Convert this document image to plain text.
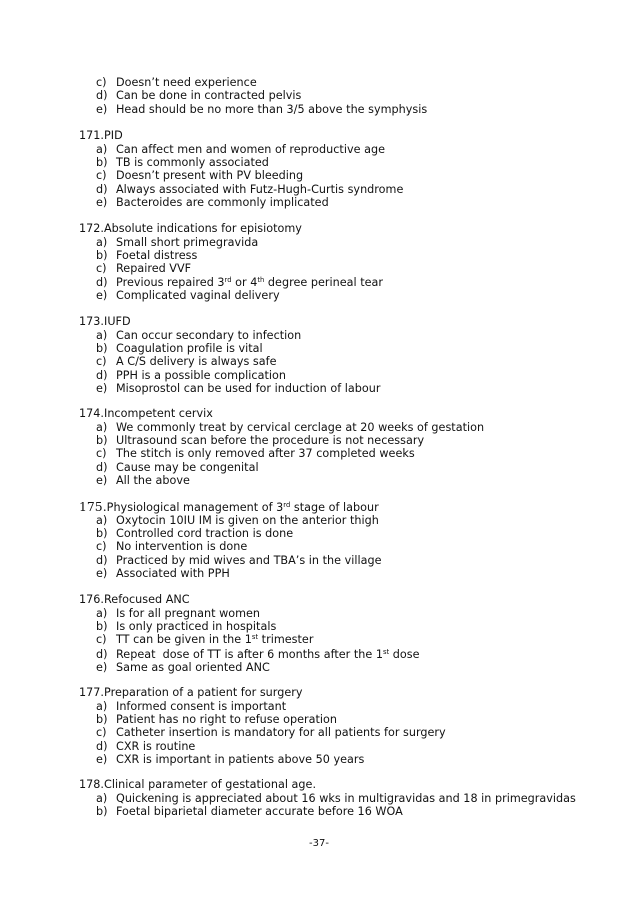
c) Doesn’t need experience
d) Can be done in contracted pelvis
e) Head should be no more than 3/5 above the symphysis
171.PID
a) Can affect men and women of reproductive age
b) TB is commonly associated
c) Doesn’t present with PV bleeding
d) Always associated with Futz-Hugh-Curtis syndrome
e) Bacteroides are commonly implicated
172.Absolute indications for episiotomy
a) Small short primegravida
b) Foetal distress
c) Repaired VVF
d) Previous repaired 3rd or 4th degree perineal tear
e) Complicated vaginal delivery
173.IUFD
a) Can occur secondary to infection
b) Coagulation profile is vital
c) A C/S delivery is always safe
d) PPH is a possible complication
e) Misoprostol can be used for induction of labour
174.Incompetent cervix
a) We commonly treat by cervical cerclage at 20 weeks of gestation
b) Ultrasound scan before the procedure is not necessary
c) The stitch is only removed after 37 completed weeks
d) Cause may be congenital
e) All the above
175.Physiological management of 3rd stage of labour
a) Oxytocin 10IU IM is given on the anterior thigh
b) Controlled cord traction is done
c) No intervention is done
d) Practiced by mid wives and TBA’s in the village
e) Associated with PPH
176.Refocused ANC
a) Is for all pregnant women
b) Is only practiced in hospitals
c) TT can be given in the 1st trimester
d) Repeat  dose of TT is after 6 months after the 1st dose
e) Same as goal oriented ANC
177.Preparation of a patient for surgery
a) Informed consent is important
b) Patient has no right to refuse operation
c) Catheter insertion is mandatory for all patients for surgery
d) CXR is routine
e) CXR is important in patients above 50 years
178.Clinical parameter of gestational age.
a) Quickening is appreciated about 16 wks in multigravidas and 18 in primegravidas
b) Foetal biparietal diameter accurate before 16 WOA
-37-
